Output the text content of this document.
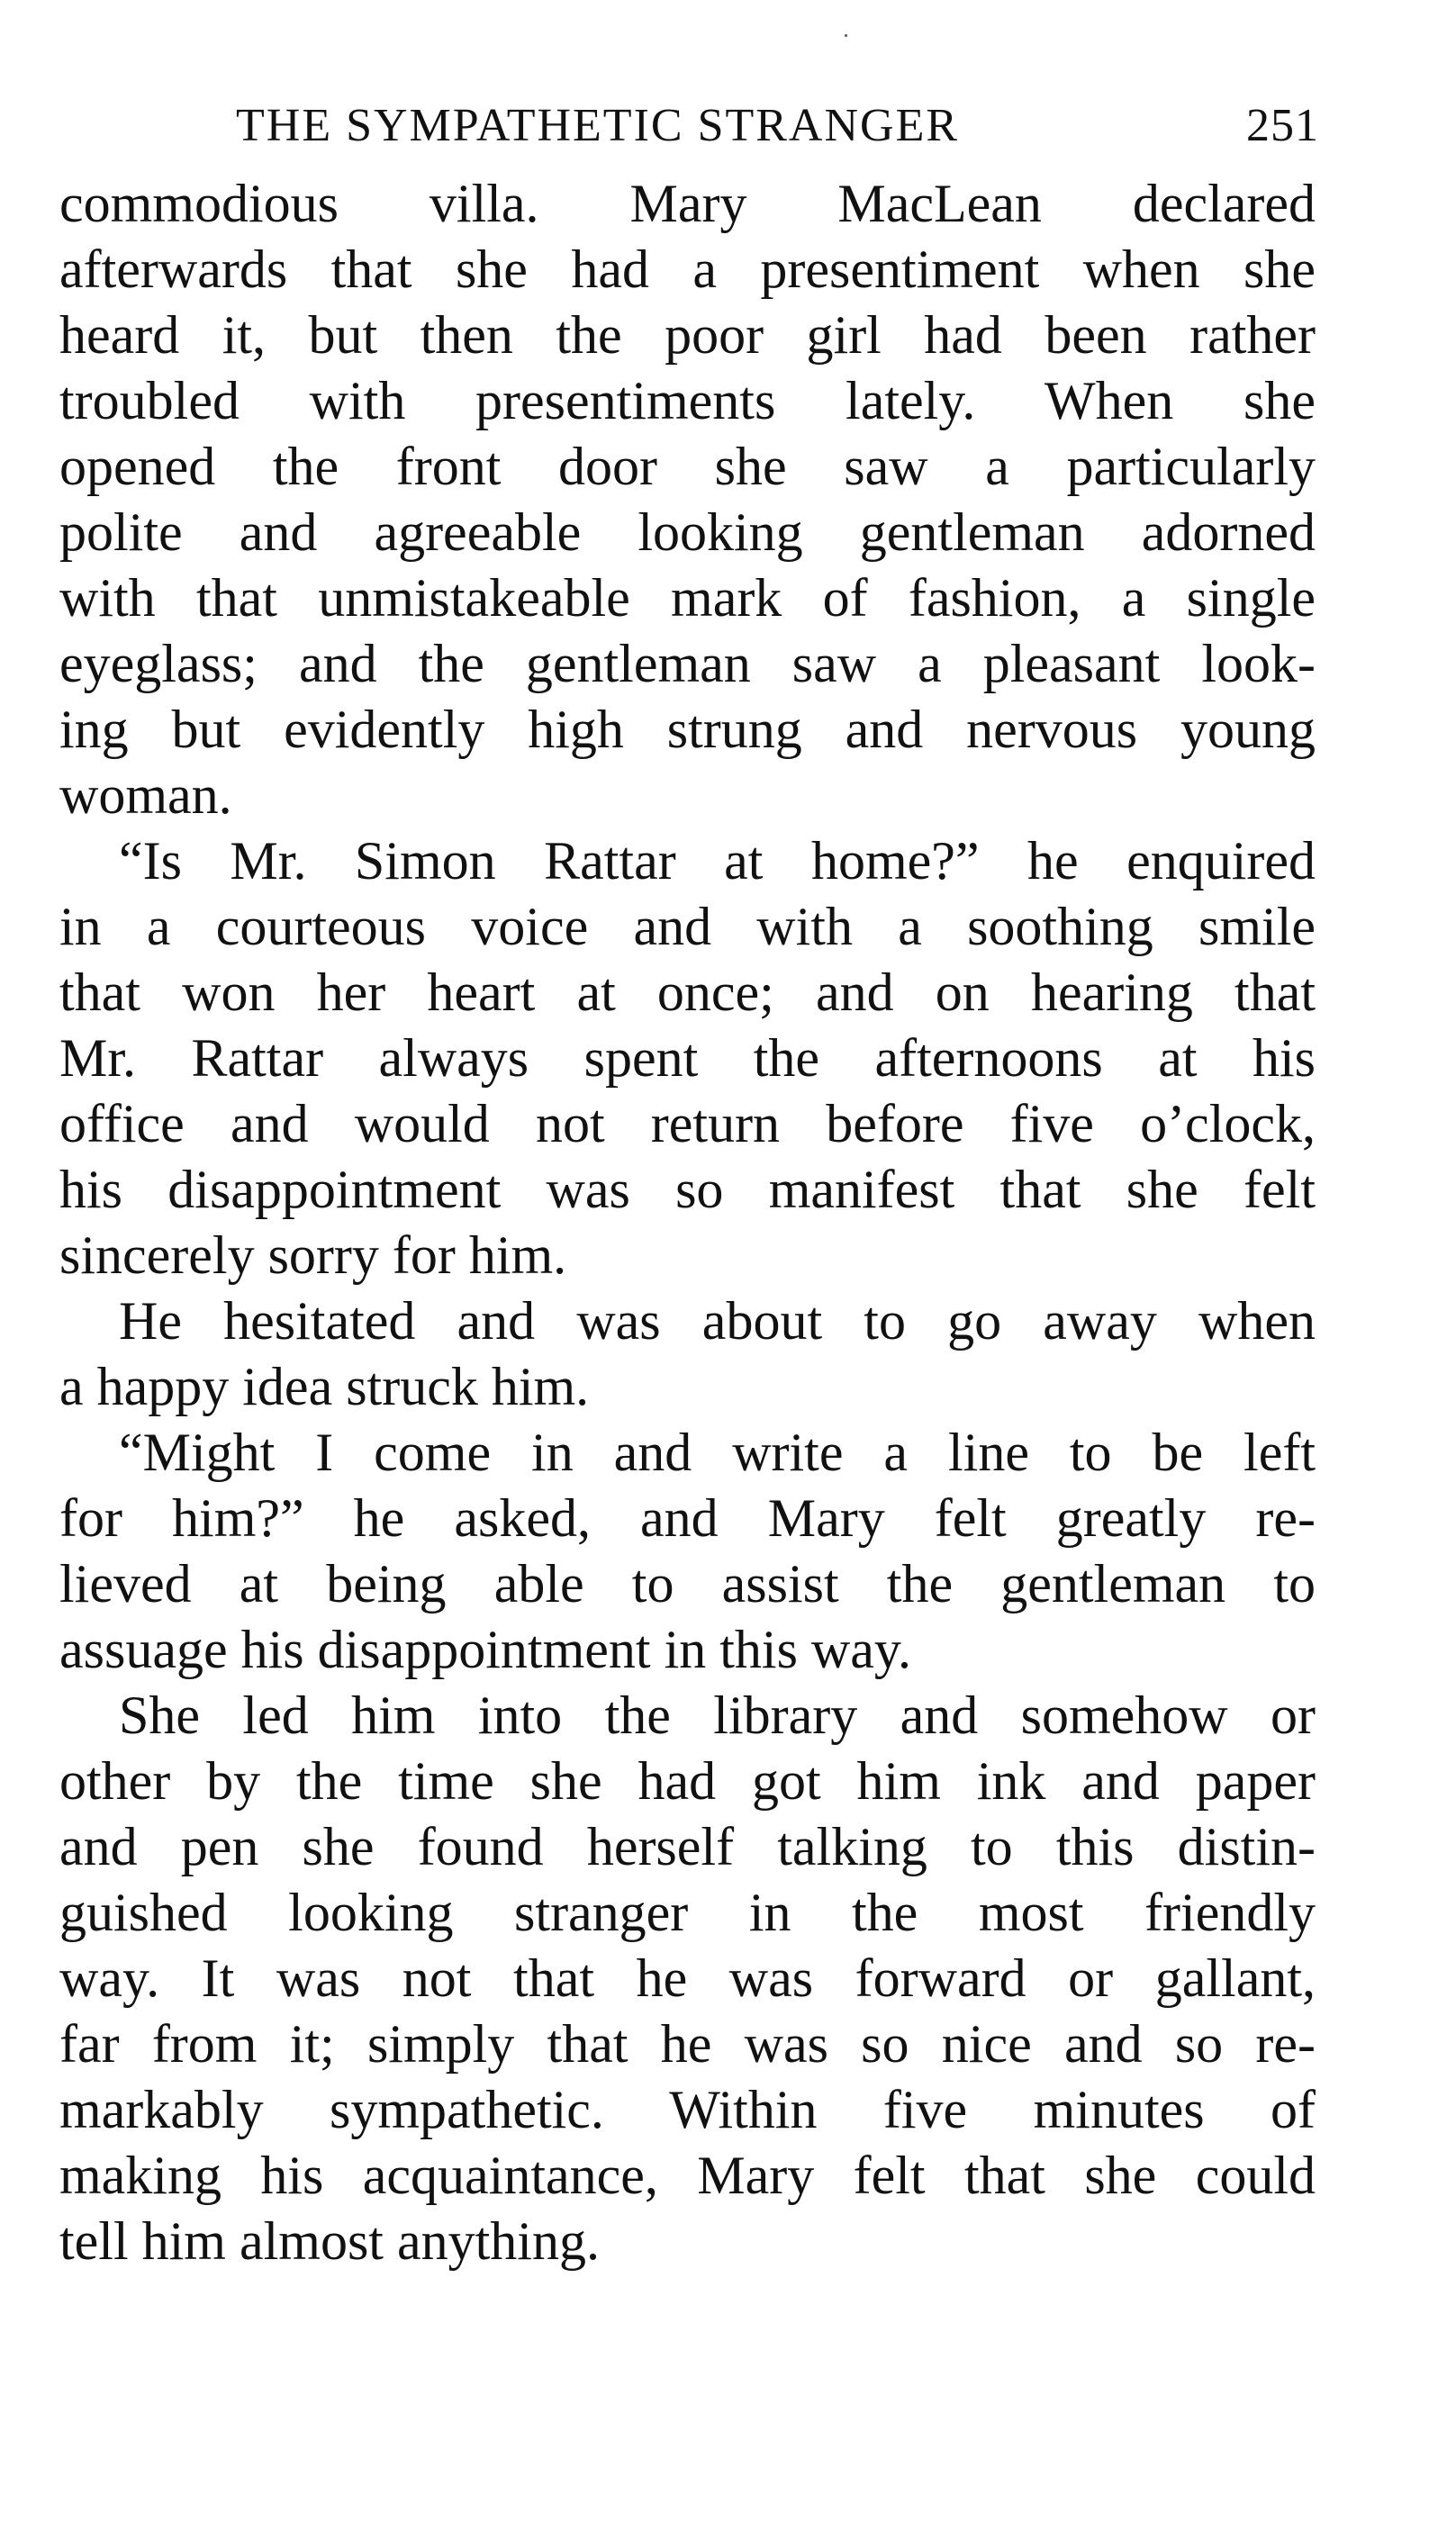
THE SYMPATHETIC STRANGER	251

commodious villa. Mary MacLean declared
afterwards that she had a presentiment when she
heard it, but then the poor girl had been rather
troubled with presentiments lately. When she
opened the front door she saw a particularly
polite and agreeable looking gentleman adorned
with that unmistakeable mark of fashion, a single
eyeglass; and the gentleman saw a pleasant look-
ing but evidently high strung and nervous young
woman.

“Is Mr. Simon Rattar at home?” he enquired
in a courteous voice and with a soothing smile
that won her heart at once; and on hearing that
Mr. Rattar always spent the afternoons at his
office and would not return before five o’clock,
his disappointment was so manifest that she felt
sincerely sorry for him.

He hesitated and was about to go away when
a happy idea struck him.

“Might I come in and write a line to be left
for him?” he asked, and Mary felt greatly re-
lieved at being able to assist the gentleman to
assuage his disappointment in this way.

She led him into the library and somehow or
other by the time she had got him ink and paper
and pen she found herself talking to this distin-
guished looking stranger in the most friendly
way. It was not that he was forward or gallant,
far from it; simply that he was so nice and so re-
markably sympathetic. Within five minutes of
making his acquaintance, Mary felt that she could
tell him almost anything.
